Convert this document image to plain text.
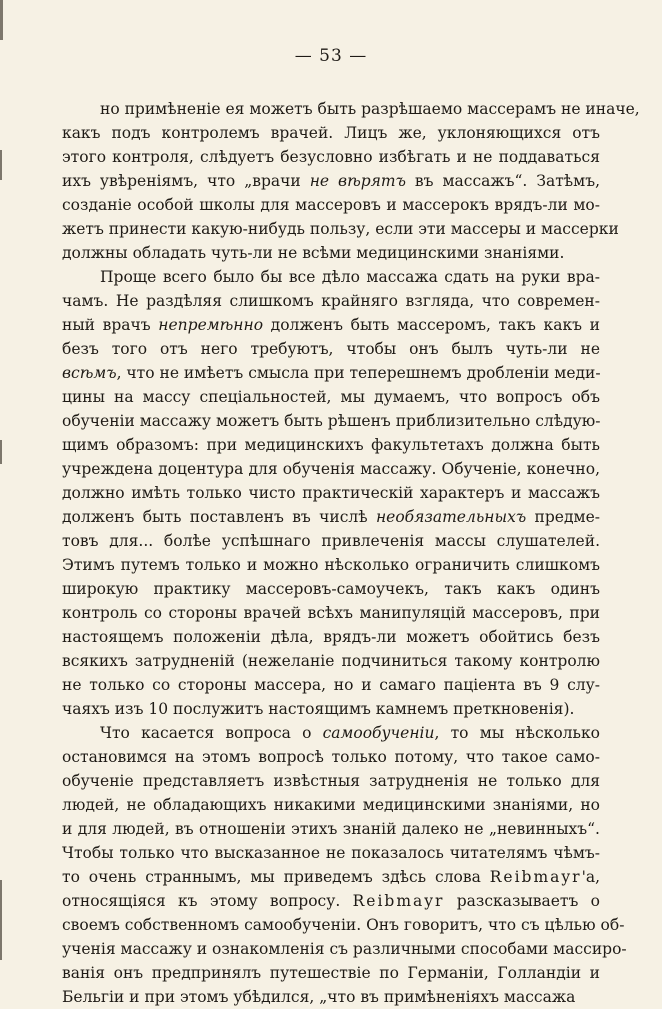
— 53 —
но примѣненіе ея можетъ быть разрѣшаемо массерамъ не иначе,
какъ подъ контролемъ врачей. Лицъ же, уклоняющихся отъ
этого контроля, слѣдуетъ безусловно избѣгать и не поддаваться
ихъ увѣреніямъ, что „врачи не вѣрятъ въ массажъ“. Затѣмъ,
созданіе особой школы для массеровъ и массерокъ врядъ-ли мо-
жетъ принести какую-нибудь пользу, если эти массеры и массерки
должны обладать чуть-ли не всѣми медицинскими знаніями.
Проще всего было бы все дѣло массажа сдать на руки вра-
чамъ. Не раздѣляя слишкомъ крайняго взгляда, что современ-
ный врачъ непремѣнно долженъ быть массеромъ, такъ какъ и
безъ того отъ него требуютъ, чтобы онъ былъ чуть-ли не
всѣмъ, что не имѣетъ смысла при теперешнемъ дробленіи меди-
цины на массу спеціальностей, мы думаемъ, что вопросъ объ
обученіи массажу можетъ быть рѣшенъ приблизительно слѣдую-
щимъ образомъ: при медицинскихъ факультетахъ должна быть
учреждена доцентура для обученія массажу. Обученіе, конечно,
должно имѣть только чисто практическій характеръ и массажъ
долженъ быть поставленъ въ числѣ необязательныхъ предме-
товъ для... болѣе успѣшнаго привлеченія массы слушателей.
Этимъ путемъ только и можно нѣсколько ограничить слишкомъ
широкую практику массеровъ-самоучекъ, такъ какъ одинъ
контроль со стороны врачей всѣхъ манипуляцій массеровъ, при
настоящемъ положеніи дѣла, врядъ-ли можетъ обойтись безъ
всякихъ затрудненій (нежеланіе подчиниться такому контролю
не только со стороны массера, но и самаго паціента въ 9 слу-
чаяхъ изъ 10 послужитъ настоящимъ камнемъ преткновенія).
Что касается вопроса о самообученіи, то мы нѣсколько
остановимся на этомъ вопросѣ только потому, что такое само-
обученіе представляетъ извѣстныя затрудненія не только для
людей, не обладающихъ никакими медицинскими знаніями, но
и для людей, въ отношеніи этихъ знаній далеко не „невинныхъ“.
Чтобы только что высказанное не показалось читателямъ чѣмъ-
то очень страннымъ, мы приведемъ здѣсь слова Reibmayr'а,
относящіяся къ этому вопросу. Reibmayr разсказываетъ о
своемъ собственномъ самообученіи. Онъ говоритъ, что съ цѣлью об-
ученія массажу и ознакомленія съ различными способами массиро-
ванія онъ предпринялъ путешествіе по Германіи, Голландіи и
Бельгіи и при этомъ убѣдился, „что въ примѣненіяхъ массажа
